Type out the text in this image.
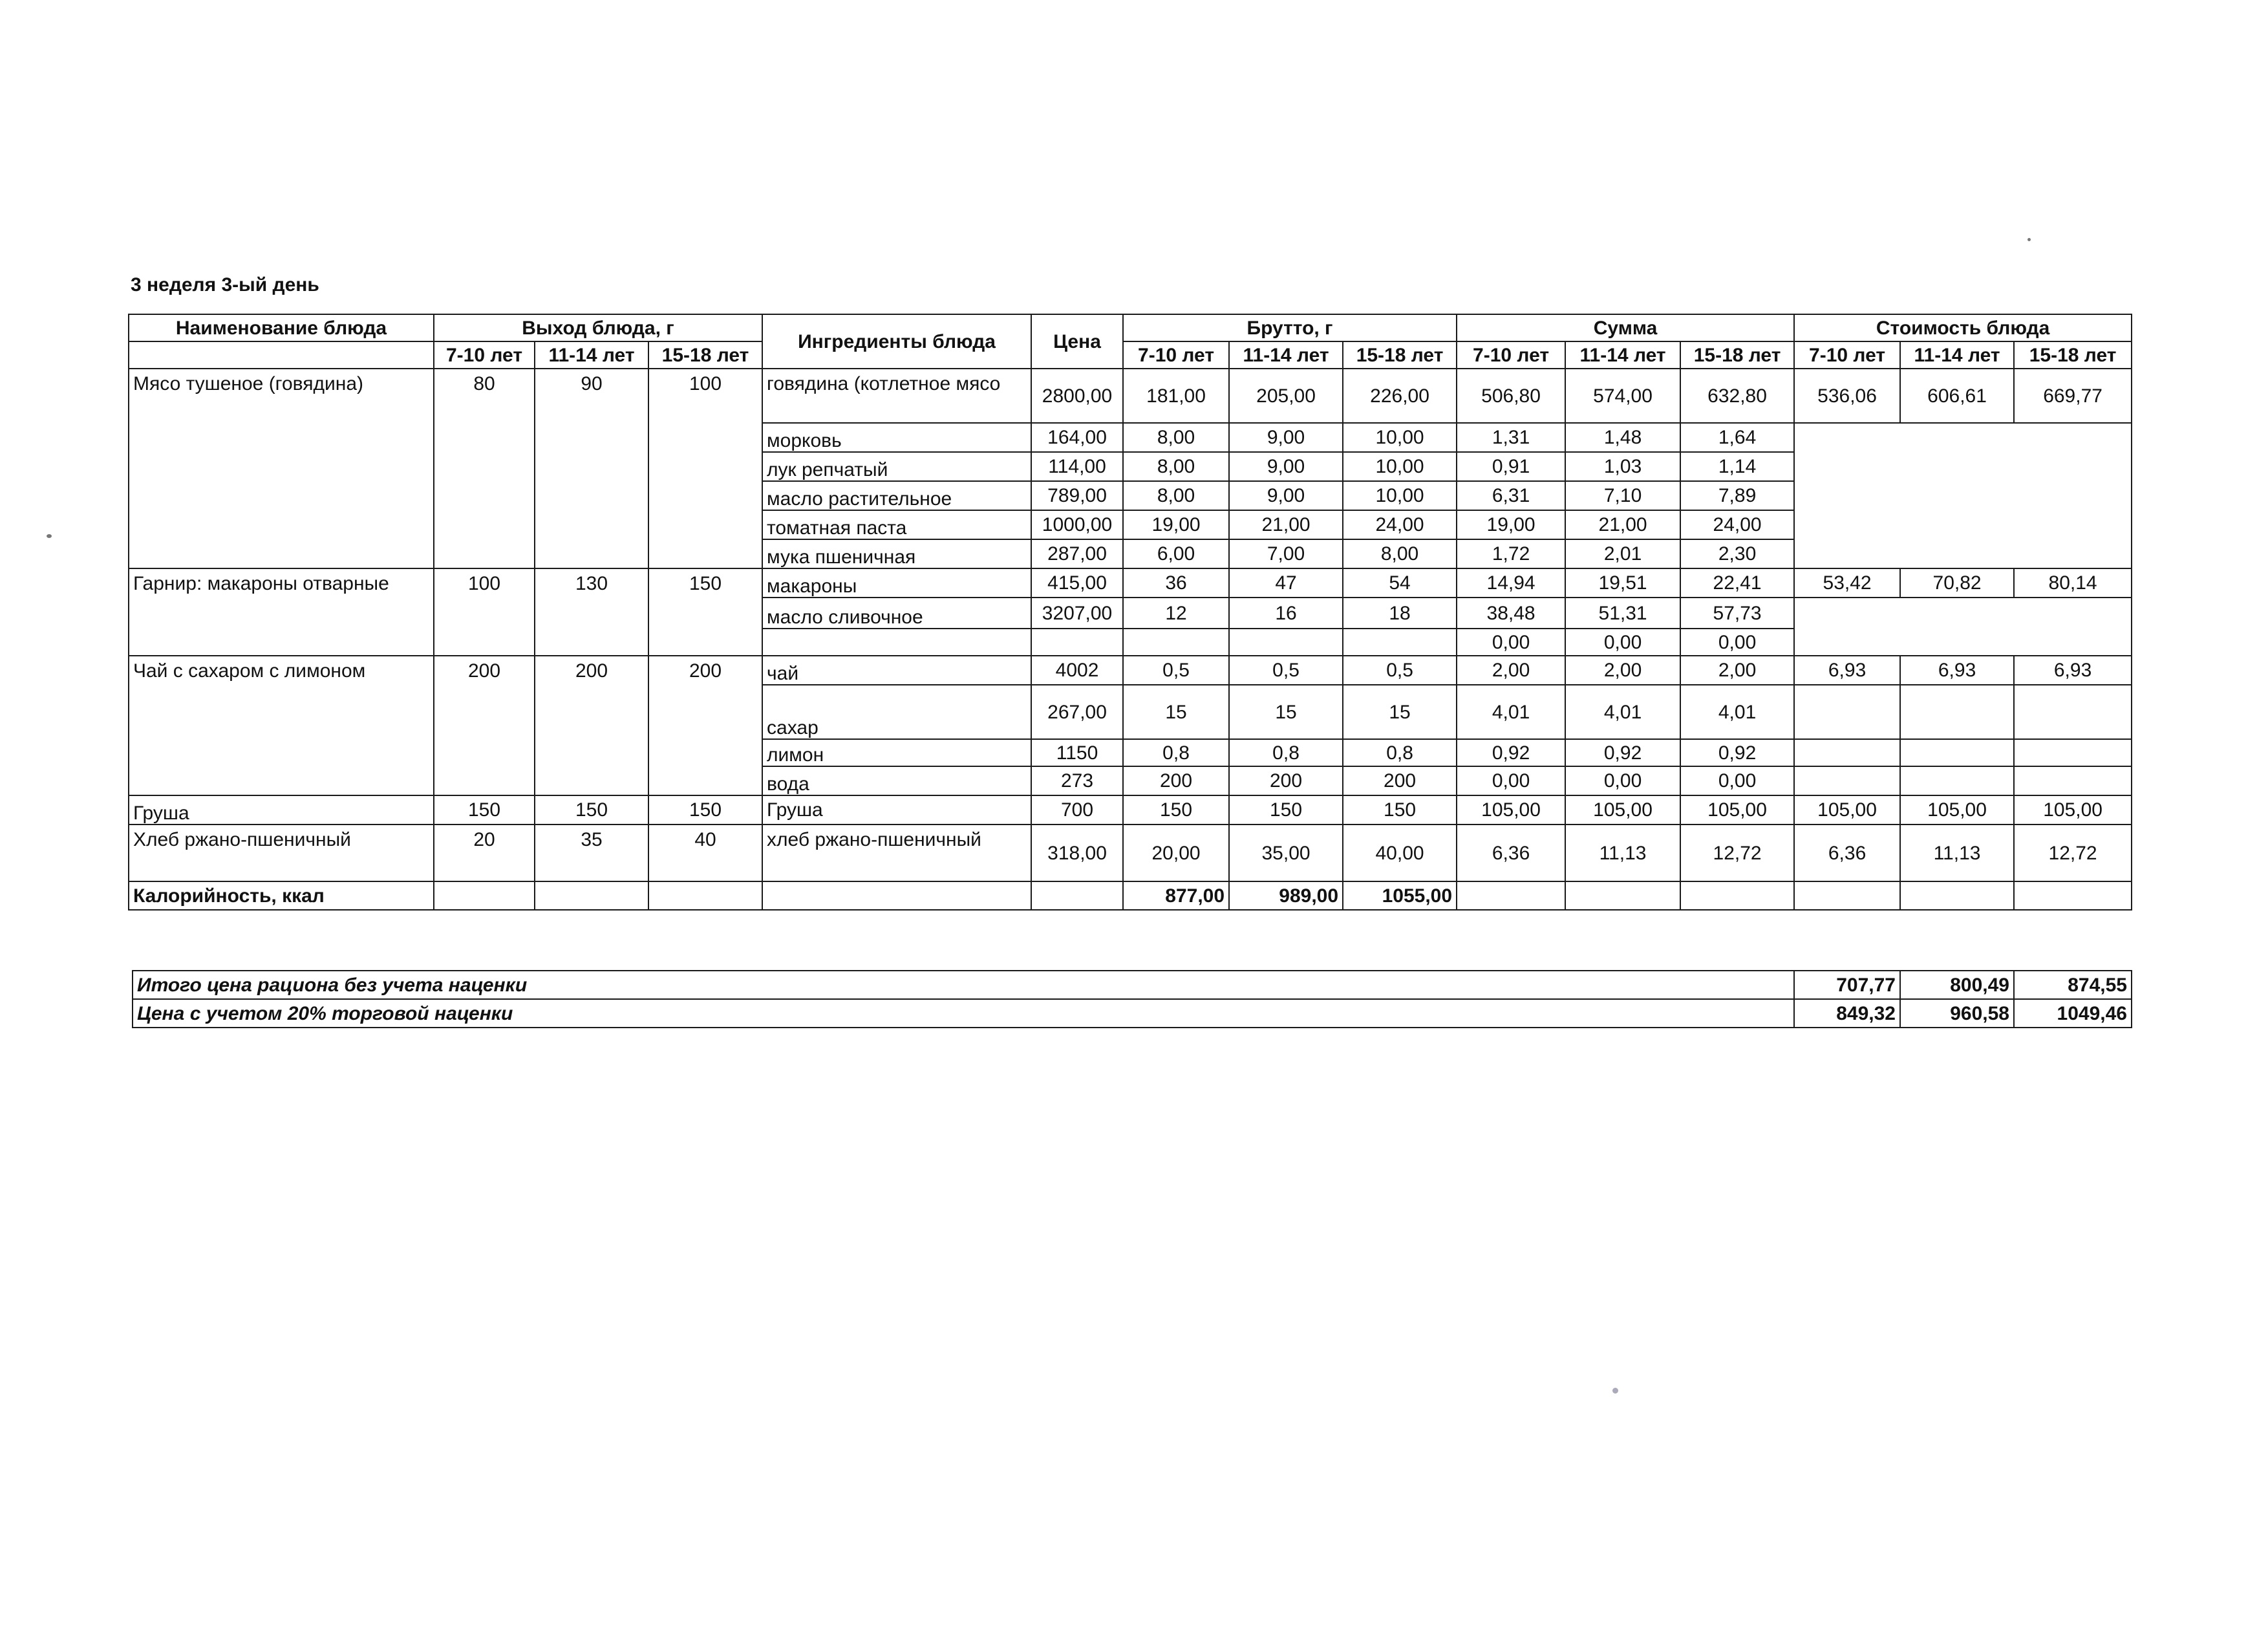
3 неделя 3-ый день
Наименование блюда	Выход блюда, г			Ингредиенты блюда	Цена	Брутто, г			Сумма			Стоимость блюда		
	7-10 лет	11-14 лет	15-18 лет			7-10 лет	11-14 лет	15-18 лет	7-10 лет	11-14 лет	15-18 лет	7-10 лет	11-14 лет	15-18 лет
Мясо тушеное (говядина)	80	90	100	говядина (котлетное мясо	2800,00	181,00	205,00	226,00	506,80	574,00	632,80	536,06	606,61	669,77
				морковь	164,00	8,00	9,00	10,00	1,31	1,48	1,64			
				лук репчатый	114,00	8,00	9,00	10,00	0,91	1,03	1,14			
				масло растительное	789,00	8,00	9,00	10,00	6,31	7,10	7,89			
				томатная паста	1000,00	19,00	21,00	24,00	19,00	21,00	24,00			
				мука пшеничная	287,00	6,00	7,00	8,00	1,72	2,01	2,30			
Гарнир: макароны отварные	100	130	150	макароны	415,00	36	47	54	14,94	19,51	22,41	53,42	70,82	80,14
				масло сливочное	3207,00	12	16	18	38,48	51,31	57,73			
									0,00	0,00	0,00			
Чай с сахаром с лимоном	200	200	200	чай	4002	0,5	0,5	0,5	2,00	2,00	2,00	6,93	6,93	6,93
				сахар	267,00	15	15	15	4,01	4,01	4,01			
				лимон	1150	0,8	0,8	0,8	0,92	0,92	0,92			
				вода	273	200	200	200	0,00	0,00	0,00			
Груша	150	150	150	Груша	700	150	150	150	105,00	105,00	105,00	105,00	105,00	105,00
Хлеб ржано-пшеничный	20	35	40	хлеб ржано-пшеничный	318,00	20,00	35,00	40,00	6,36	11,13	12,72	6,36	11,13	12,72
Калорийность, ккал						877,00	989,00	1055,00						
Итого цена рациона без учета наценки		707,77	800,49	874,55
Цена с учетом 20% торговой наценки		849,32	960,58	1049,46
